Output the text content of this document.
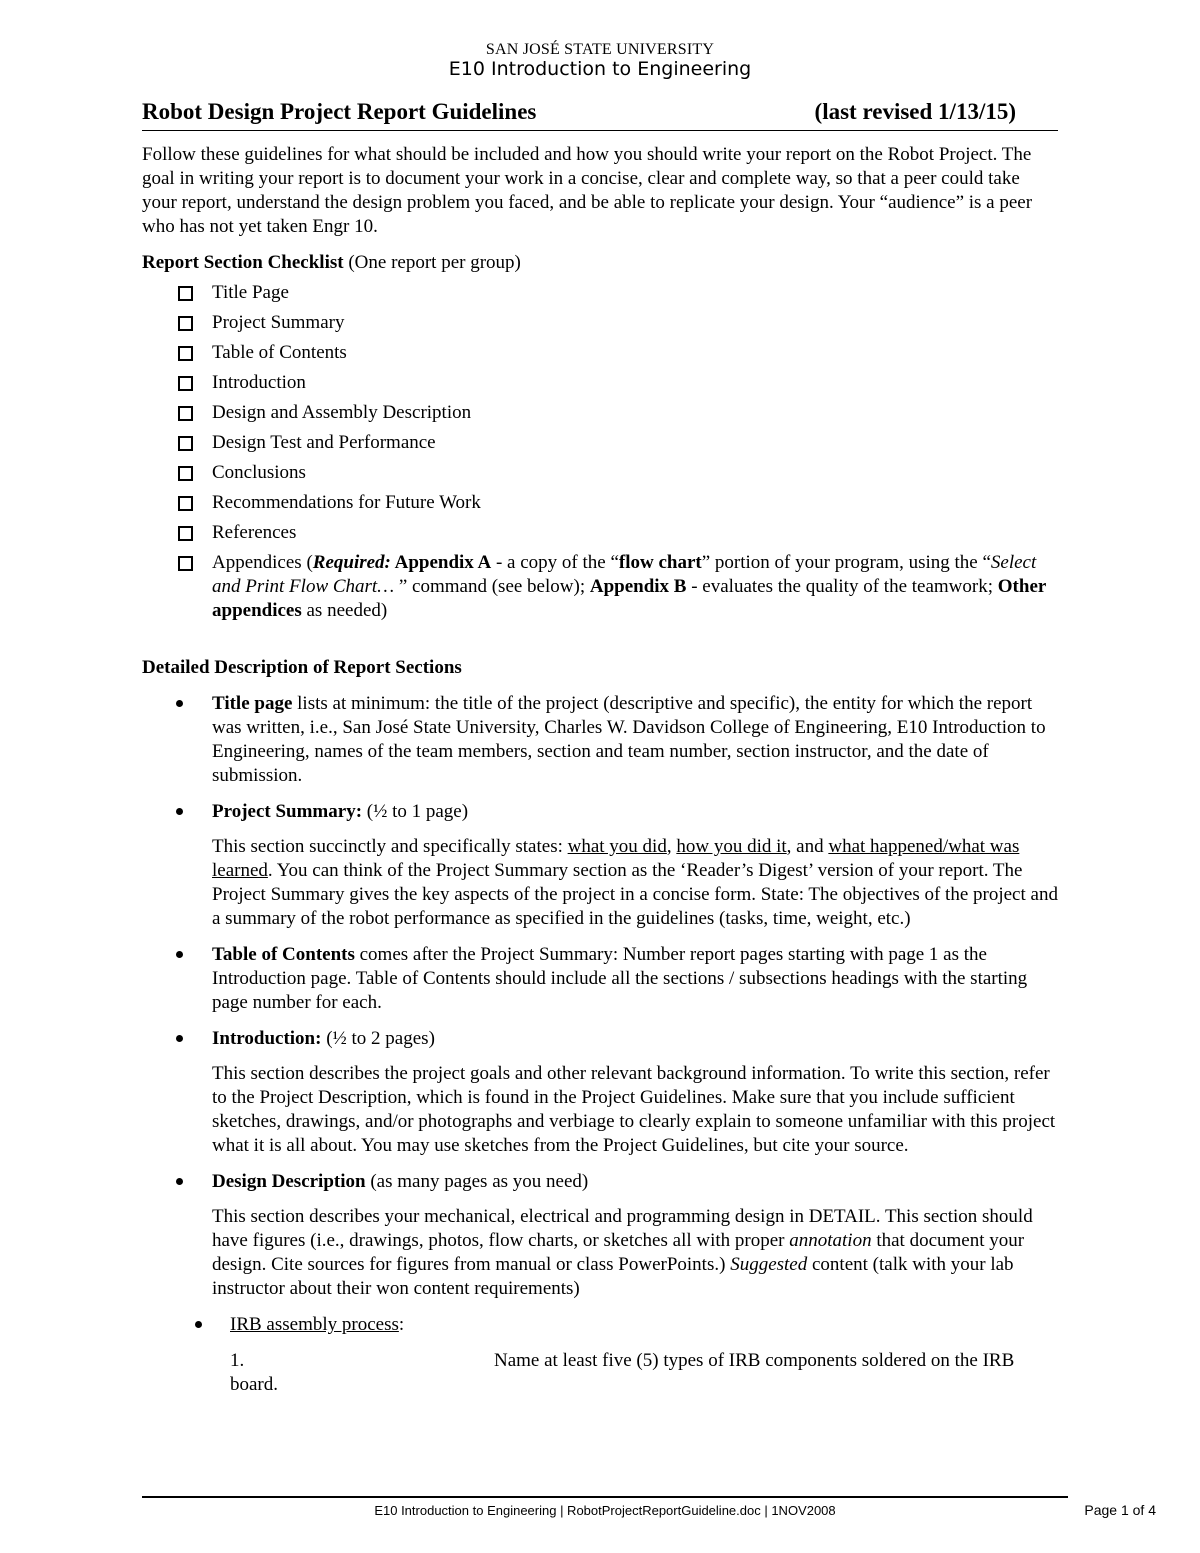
SAN JOSÉ STATE UNIVERSITY
E10 Introduction to Engineering
Robot Design Project Report Guidelines	(last revised 1/13/15)

Follow these guidelines for what should be included and how you should write your report on the Robot Project. The goal in writing your report is to document your work in a concise, clear and complete way, so that a peer could take your report, understand the design problem you faced, and be able to replicate your design. Your “audience” is a peer who has not yet taken Engr 10.

Report Section Checklist (One report per group)

Title Page
Project Summary
Table of Contents
Introduction
Design and Assembly Description
Design Test and Performance
Conclusions
Recommendations for Future Work
References
Appendices (Required: Appendix A - a copy of the “flow chart” portion of your program, using the “Select and Print Flow Chart… ” command (see below); Appendix B - evaluates the quality of the teamwork; Other appendices as needed)

Detailed Description of Report Sections

Title page lists at minimum: the title of the project (descriptive and specific), the entity for which the report was written, i.e., San José State University, Charles W. Davidson College of Engineering, E10 Introduction to Engineering, names of the team members, section and team number, section instructor, and the date of submission.
Project Summary: (½ to 1 page)

This section succinctly and specifically states: what you did, how you did it, and what happened/what was learned. You can think of the Project Summary section as the ‘Reader’s Digest’ version of your report. The Project Summary gives the key aspects of the project in a concise form. State: The objectives of the project and a summary of the robot performance as specified in the guidelines (tasks, time, weight, etc.)

Table of Contents comes after the Project Summary: Number report pages starting with page 1 as the Introduction page. Table of Contents should include all the sections / subsections headings with the starting page number for each.
Introduction: (½ to 2 pages)

This section describes the project goals and other relevant background information. To write this section, refer to the Project Description, which is found in the Project Guidelines. Make sure that you include sufficient sketches, drawings, and/or photographs and verbiage to clearly explain to someone unfamiliar with this project what it is all about. You may use sketches from the Project Guidelines, but cite your source.

Design Description (as many pages as you need)

This section describes your mechanical, electrical and programming design in DETAIL. This section should have figures (i.e., drawings, photos, flow charts, or sketches all with proper annotation that document your design. Cite sources for figures from manual or class PowerPoints.) Suggested content (talk with your lab instructor about their won content requirements)

IRB assembly process:
1.	Name at least five (5) types of IRB components soldered on the IRB board.
E10 Introduction to Engineering | RobotProjectReportGuideline.doc | 1NOV2008	Page 1 of 4
